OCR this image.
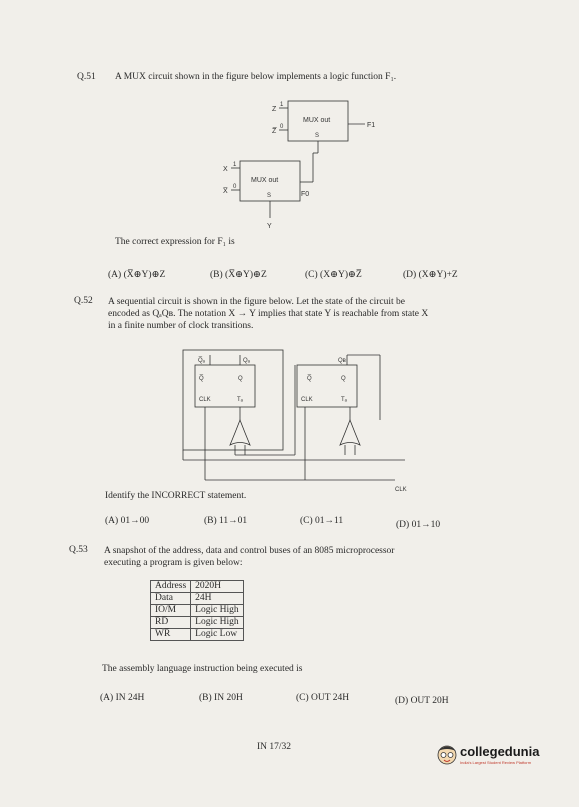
Q.51 A MUX circuit shown in the figure below implements a logic function F₁.
Z
1
Z̅
0
MUX out
S
F1
X
1
X̅
0
MUX out
S	F0
Y
The correct expression for F₁ is
(A) (X̅⊕Y)⊕Z	(B) (X̅⊕Y)⊕Z	(C) (X⊕Y)⊕Z̅	(D) (X⊕Y)+Z
Q.52 A sequential circuit is shown in the figure below. Let the state of the circuit be
encoded as QₐQʙ. The notation X → Y implies that state Y is reachable from state X
in a finite number of clock transitions.
Q̅ₐ	Qₐ
Q̅	Q
CLK	Tₐ
Qʙ
Q̅	Q
CLK	Tₐ
CLK
Identify the INCORRECT statement.
(A) 01→00	(B) 11→01	(C) 01→11	(D) 01→10
Q.53 A snapshot of the address, data and control buses of an 8085 microprocessor
executing a program is given below:
Address	2020H
Data	24H
IO/M̅	Logic High
R̅D̅	Logic High
W̅R̅	Logic Low
The assembly language instruction being executed is
(A) IN 24H	(B) IN 20H	(C) OUT 24H	(D) OUT 20H
IN 17/32	collegedunia
India's Largest Student Review Platform
